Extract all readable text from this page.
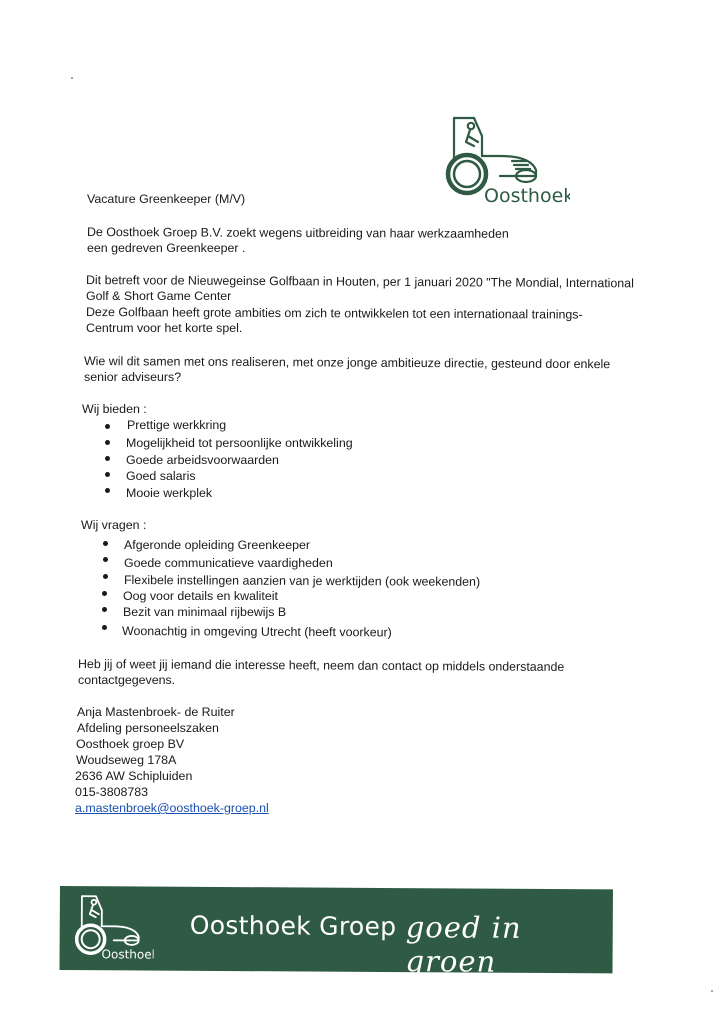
Oosthoek
Vacature Greenkeeper (M/V)
De Oosthoek Groep B.V. zoekt wegens uitbreiding van haar werkzaamheden
een gedreven Greenkeeper .
Dit betreft voor de Nieuwegeinse Golfbaan in Houten, per 1 januari 2020 "The Mondial, International
Golf & Short Game Center
Deze Golfbaan heeft grote ambities om zich te ontwikkelen tot een internationaal trainings-
Centrum voor het korte spel.
Wie wil dit samen met ons realiseren, met onze jonge ambitieuze directie, gesteund door enkele
senior adviseurs?
Wij bieden :
Prettige werkkring
Mogelijkheid tot persoonlijke ontwikkeling
Goede arbeidsvoorwaarden
Goed salaris
Mooie werkplek
Wij vragen :
Afgeronde opleiding Greenkeeper
Goede communicatieve vaardigheden
Flexibele instellingen aanzien van je werktijden (ook weekenden)
Oog voor details en kwaliteit
Bezit van minimaal rijbewijs B
Woonachtig in omgeving Utrecht (heeft voorkeur)
Heb jij of weet jij iemand die interesse heeft, neem dan contact op middels onderstaande
contactgegevens.
Anja Mastenbroek- de Ruiter
Afdeling personeelszaken
Oosthoek groep BV
Woudseweg 178A
2636 AW Schipluiden
015-3808783
a.mastenbroek@oosthoek-groep.nl
Oosthoek
Oosthoek Groep goed in groen
